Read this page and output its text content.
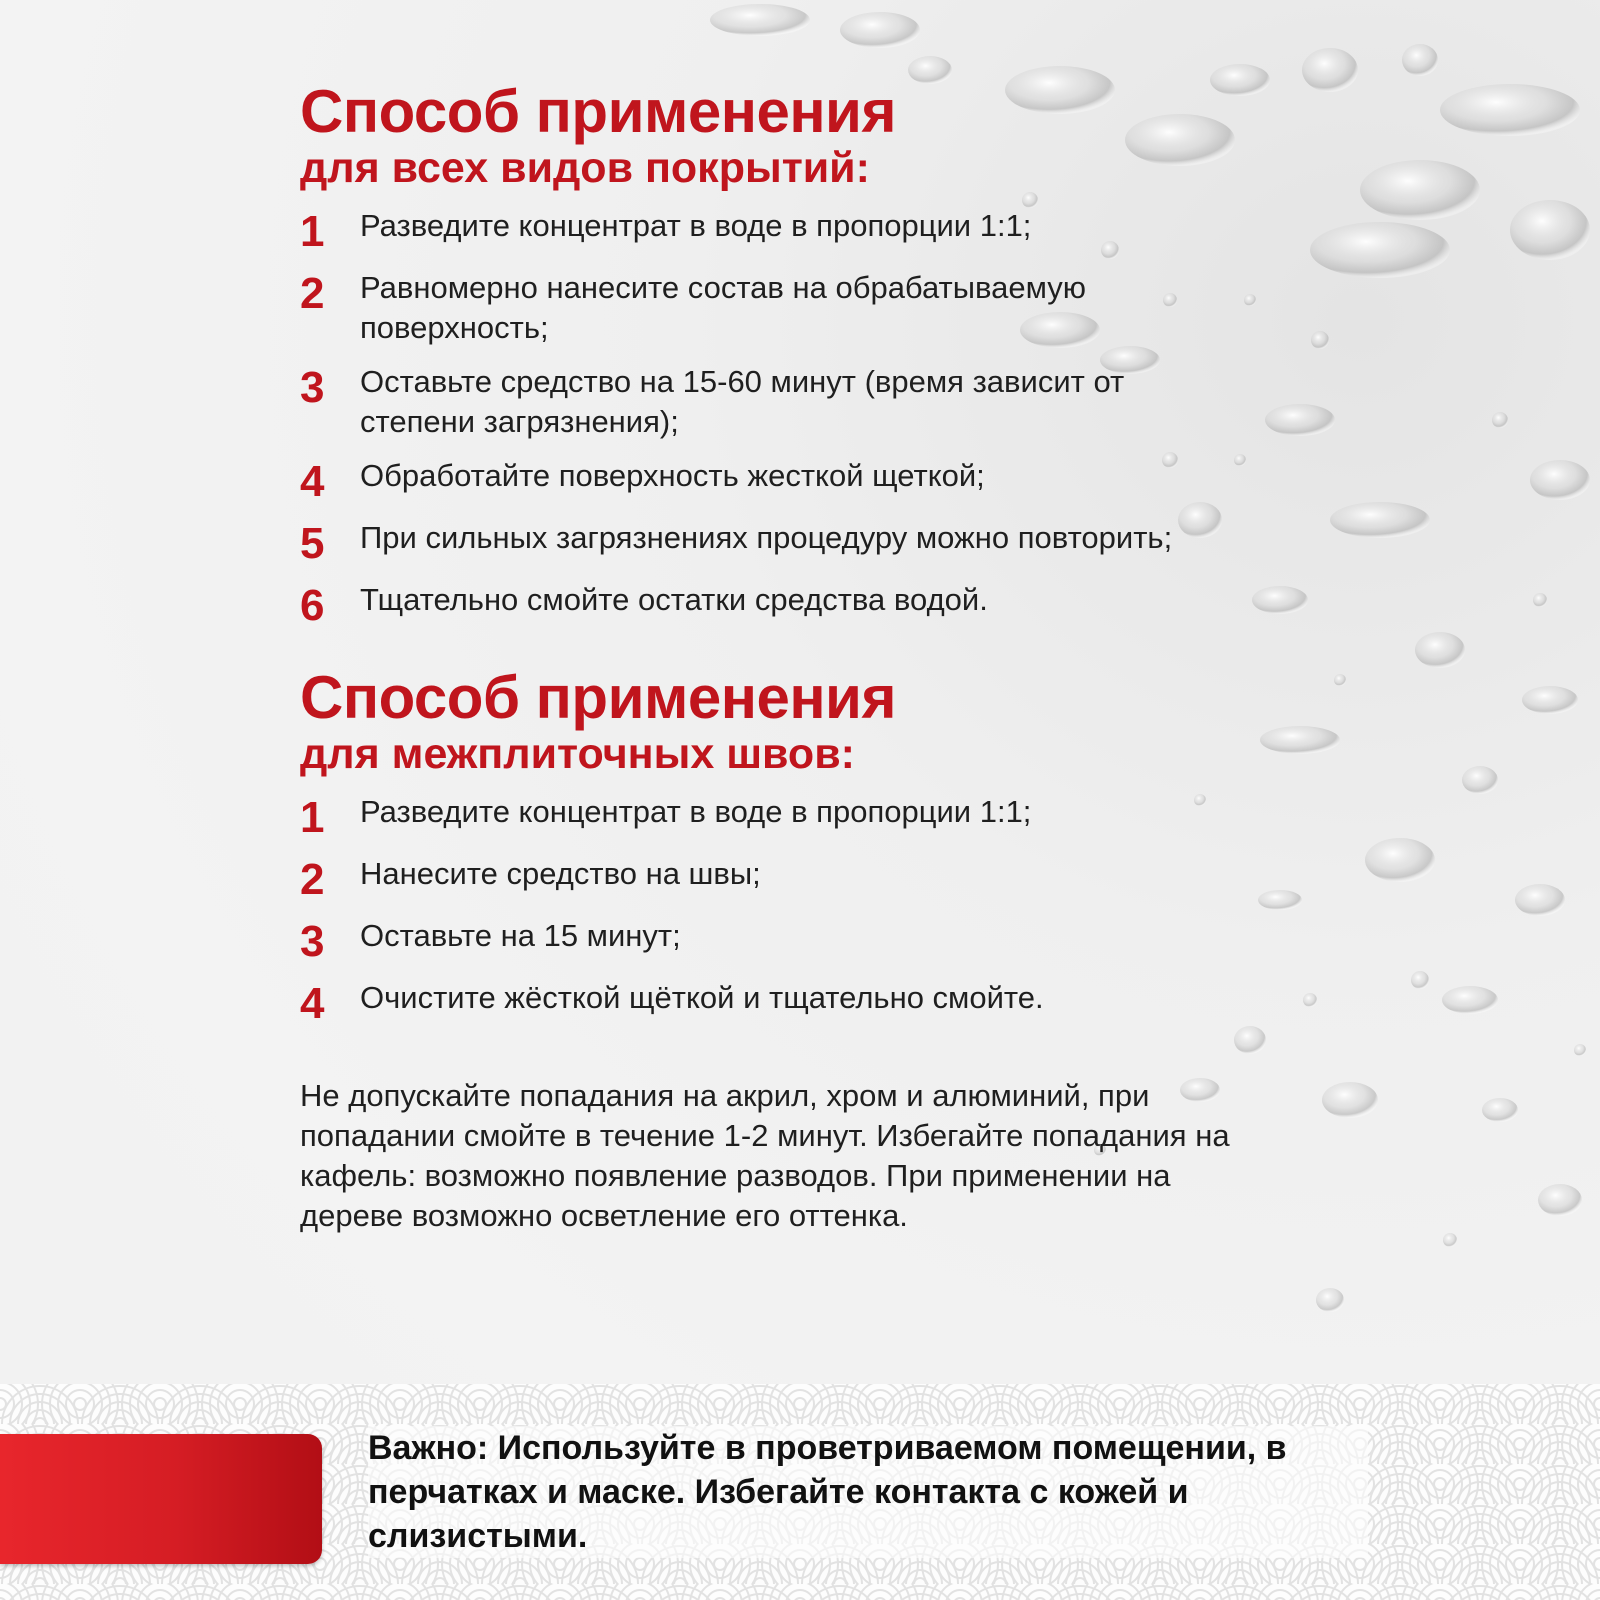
Способ применения
для всех видов покрытий:
1	Разведите концентрат в воде в пропорции 1:1;
2	Равномерно нанесите состав на обрабатываемую поверхность;
3	Оставьте средство на 15-60 минут (время зависит от степени загрязнения);
4	Обработайте поверхность жесткой щеткой;
5	При сильных загрязнениях процедуру можно повторить;
6	Тщательно смойте остатки средства водой.
Способ применения
для межплиточных швов:
1	Разведите концентрат в воде в пропорции 1:1;
2	Нанесите средство на швы;
3	Оставьте на 15 минут;
4	Очистите жёсткой щёткой и тщательно смойте.

Не допускайте попадания на акрил, хром и алюминий, при попадании смойте в течение 1-2 минут. Избегайте попадания на кафель: возможно появление разводов. При применении на дереве возможно осветление его оттенка.

Важно: Используйте в проветриваемом помещении, в перчатках и маске. Избегайте контакта с кожей и слизистыми.
